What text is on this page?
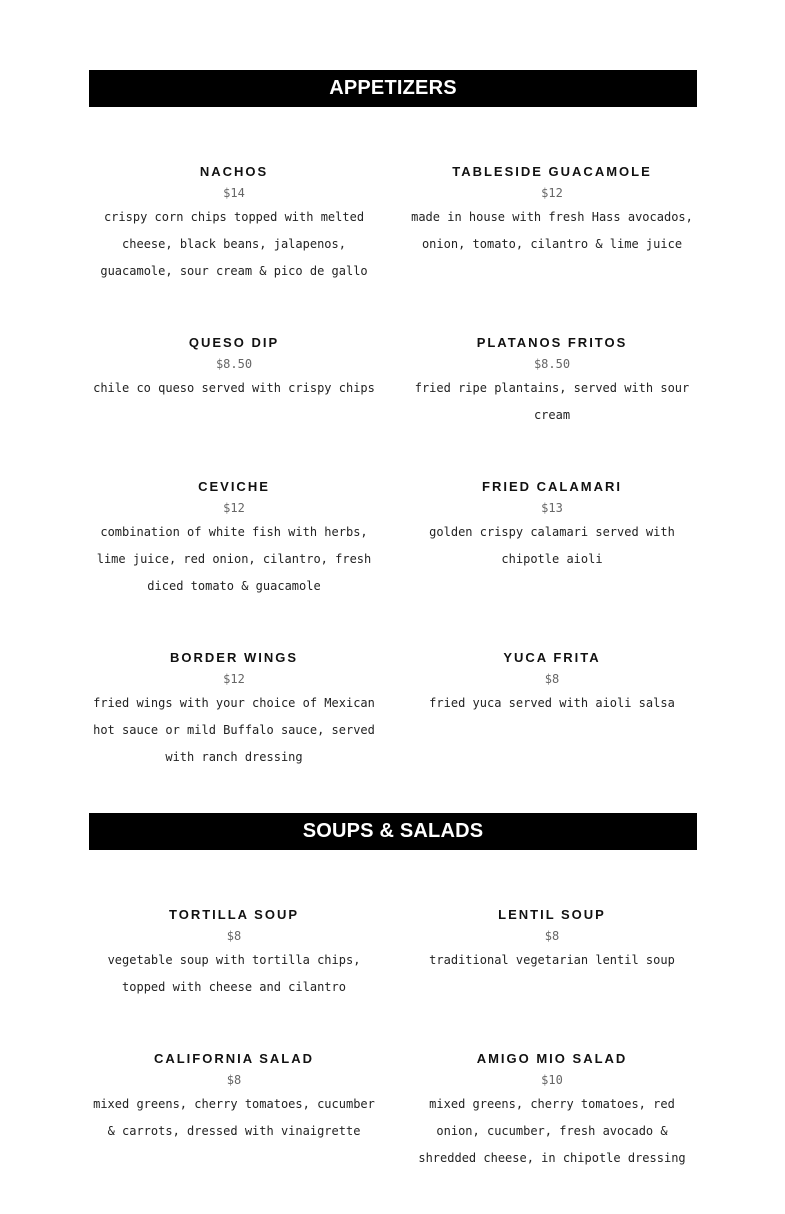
APPETIZERS
NACHOS
$14
crispy corn chips topped with melted cheese, black beans, jalapenos, guacamole, sour cream & pico de gallo
TABLESIDE GUACAMOLE
$12
made in house with fresh Hass avocados, onion, tomato, cilantro & lime juice
QUESO DIP
$8.50
chile co queso served with crispy chips
PLATANOS FRITOS
$8.50
fried ripe plantains, served with sour cream
CEVICHE
$12
combination of white fish with herbs, lime juice, red onion, cilantro, fresh diced tomato & guacamole
FRIED CALAMARI
$13
golden crispy calamari served with chipotle aioli
BORDER WINGS
$12
fried wings with your choice of Mexican hot sauce or mild Buffalo sauce, served with ranch dressing
YUCA FRITA
$8
fried yuca served with aioli salsa
SOUPS & SALADS
TORTILLA SOUP
$8
vegetable soup with tortilla chips, topped with cheese and cilantro
LENTIL SOUP
$8
traditional vegetarian lentil soup
CALIFORNIA SALAD
$8
mixed greens, cherry tomatoes, cucumber & carrots, dressed with vinaigrette
AMIGO MIO SALAD
$10
mixed greens, cherry tomatoes, red onion, cucumber, fresh avocado & shredded cheese, in chipotle dressing
